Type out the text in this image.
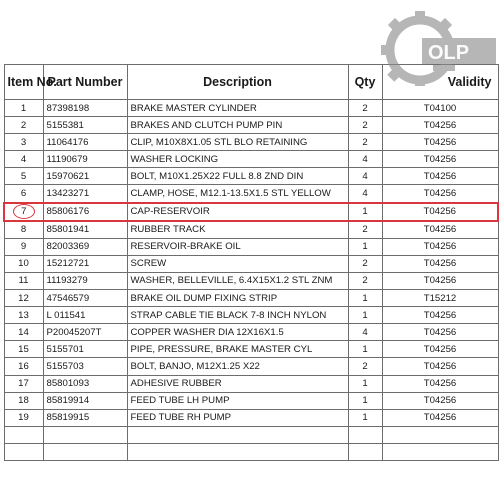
Item No.	Part Number	Description	Qty	Validity
1	87398198	BRAKE MASTER CYLINDER	2	T04100
2	5155381	BRAKES AND CLUTCH PUMP PIN	2	T04256
3	11064176	CLIP, M10X8X1.05 STL BLO RETAINING	2	T04256
4	11190679	WASHER LOCKING	4	T04256
5	15970621	BOLT, M10X1.25X22 FULL 8.8 ZND DIN	4	T04256
6	13423271	CLAMP, HOSE, M12.1-13.5X1.5 STL YELLOW	4	T04256
7	85806176	CAP-RESERVOIR	1	T04256
8	85801941	RUBBER TRACK	2	T04256
9	82003369	RESERVOIR-BRAKE OIL	1	T04256
10	15212721	SCREW	2	T04256
11	11193279	WASHER, BELLEVILLE, 6.4X15X1.2 STL ZNM	2	T04256
12	47546579	BRAKE OIL DUMP FIXING STRIP	1	T15212
13	L 011541	STRAP CABLE TIE BLACK 7-8 INCH NYLON	1	T04256
14	P20045207T	COPPER WASHER DIA 12X16X1.5	4	T04256
15	5155701	PIPE, PRESSURE, BRAKE MASTER CYL	1	T04256
16	5155703	BOLT, BANJO, M12X1.25 X22	2	T04256
17	85801093	ADHESIVE RUBBER	1	T04256
18	85819914	FEED TUBE LH PUMP	1	T04256
19	85819915	FEED TUBE RH PUMP	1	T04256

OLP
